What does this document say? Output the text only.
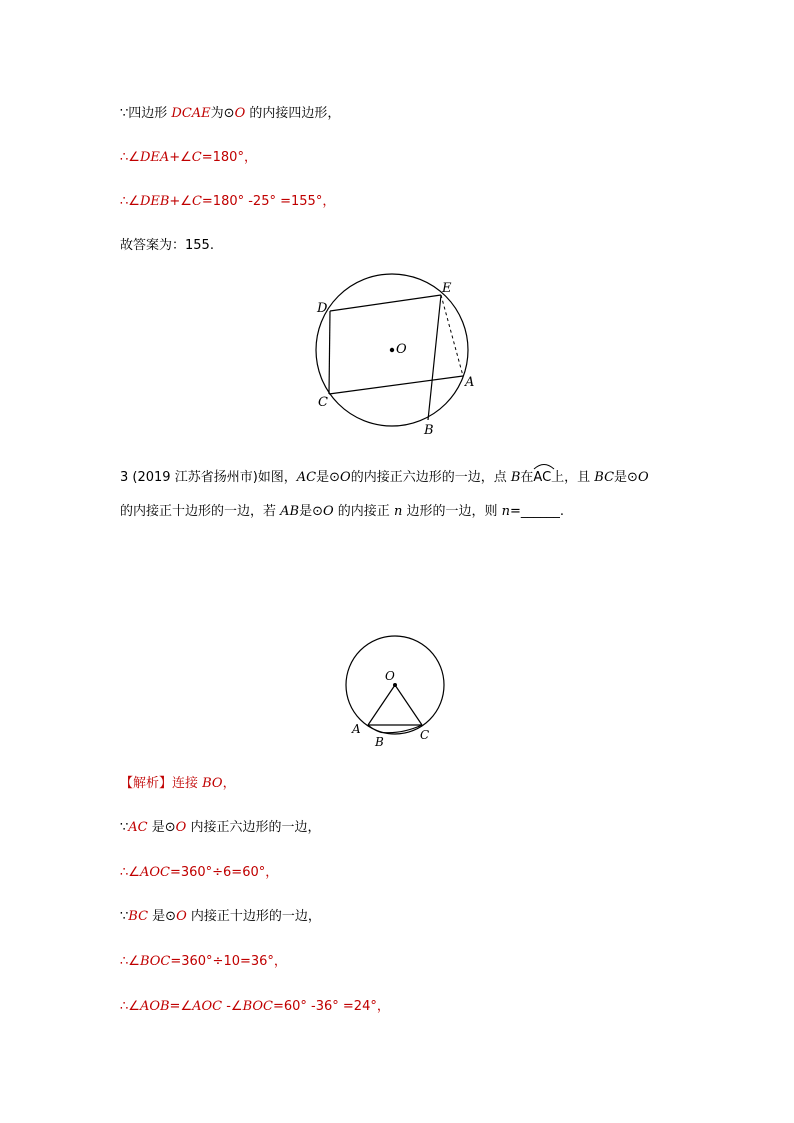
∵四边形 DCAE为⊙O 的内接四边形，
∴∠DEA+∠C=180°，
∴∠DEB+∠C=180° -25° =155°，
故答案为：155.
O
D
E
A
C
B
3 (2019 江苏省扬州市)如图，AC是⊙O的内接正六边形的一边，点 B在
AC上，且 BC是⊙O
的内接正十边形的一边，若 AB是⊙O 的内接正 n 边形的一边，则 n=______.
O
A
B	C
【解析】连接 BO，
∵AC 是⊙O 内接正六边形的一边，
∴∠AOC=360°÷6=60°，
∵BC 是⊙O 内接正十边形的一边，
∴∠BOC=360°÷10=36°，
∴∠AOB=∠AOC -∠BOC=60° -36° =24°，
